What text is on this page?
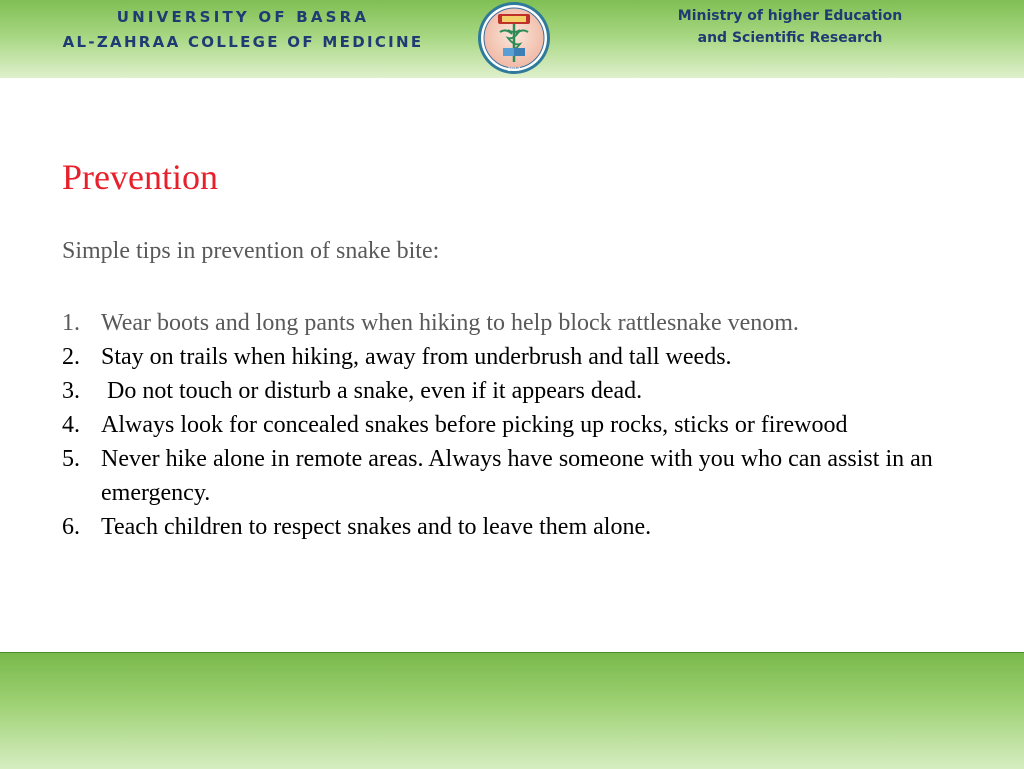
UNIVERSITY OF BASRA
AL-ZAHRAA COLLEGE OF MEDICINE
2017
Ministry of higher Education
and Scientific Research
Prevention

Simple tips in prevention of snake bite:

1. Wear boots and long pants when hiking to help block rattlesnake venom.
2. Stay on trails when hiking, away from underbrush and tall weeds.
3. Do not touch or disturb a snake, even if it appears dead.
4. Always look for concealed snakes before picking up rocks, sticks or firewood
5. Never hike alone in remote areas. Always have someone with you who can assist in an emergency.
6. Teach children to respect snakes and to leave them alone.
